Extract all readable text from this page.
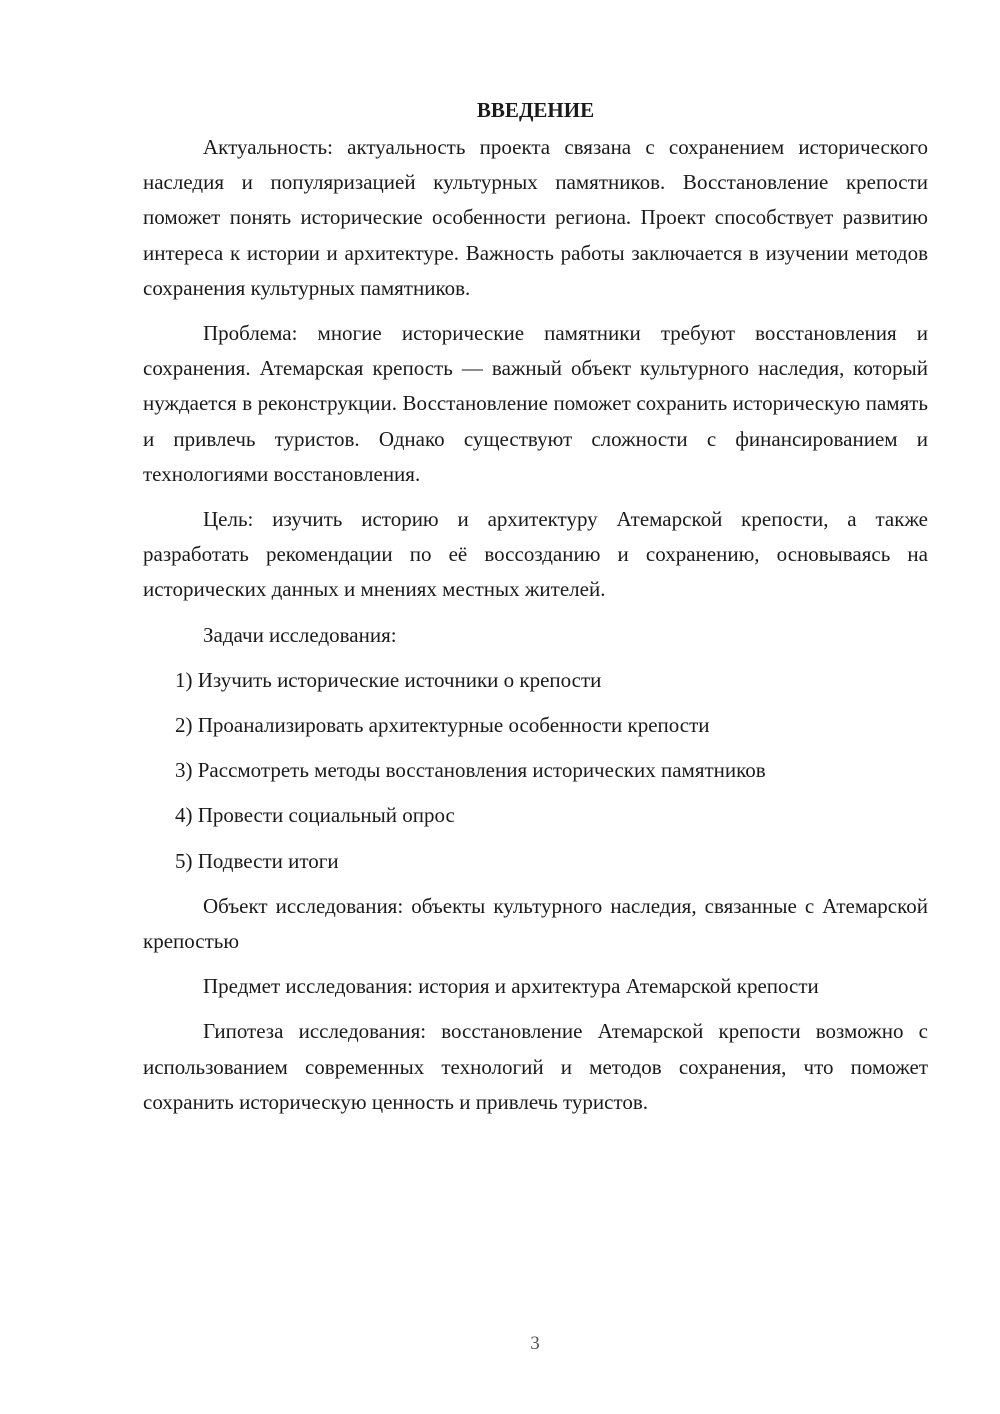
ВВЕДЕНИЕ

Актуальность: актуальность проекта связана с сохранением исторического наследия и популяризацией культурных памятников. Восстановление крепости поможет понять исторические особенности региона. Проект способствует развитию интереса к истории и архитектуре. Важность работы заключается в изучении методов сохранения культурных памятников.

Проблема: многие исторические памятники требуют восстановления и сохранения. Атемарская крепость — важный объект культурного наследия, который нуждается в реконструкции. Восстановление поможет сохранить историческую память и привлечь туристов. Однако существуют сложности с финансированием и технологиями восстановления.

Цель: изучить историю и архитектуру Атемарской крепости, а также разработать рекомендации по её воссозданию и сохранению, основываясь на исторических данных и мнениях местных жителей.

Задачи исследования:

1) Изучить исторические источники о крепости
2) Проанализировать архитектурные особенности крепости
3) Рассмотреть методы восстановления исторических памятников
4) Провести социальный опрос
5) Подвести итоги

Объект исследования: объекты культурного наследия, связанные с Атемарской крепостью

Предмет исследования: история и архитектура Атемарской крепости

Гипотеза исследования: восстановление Атемарской крепости возможно с использованием современных технологий и методов сохранения, что поможет сохранить историческую ценность и привлечь туристов.

3
